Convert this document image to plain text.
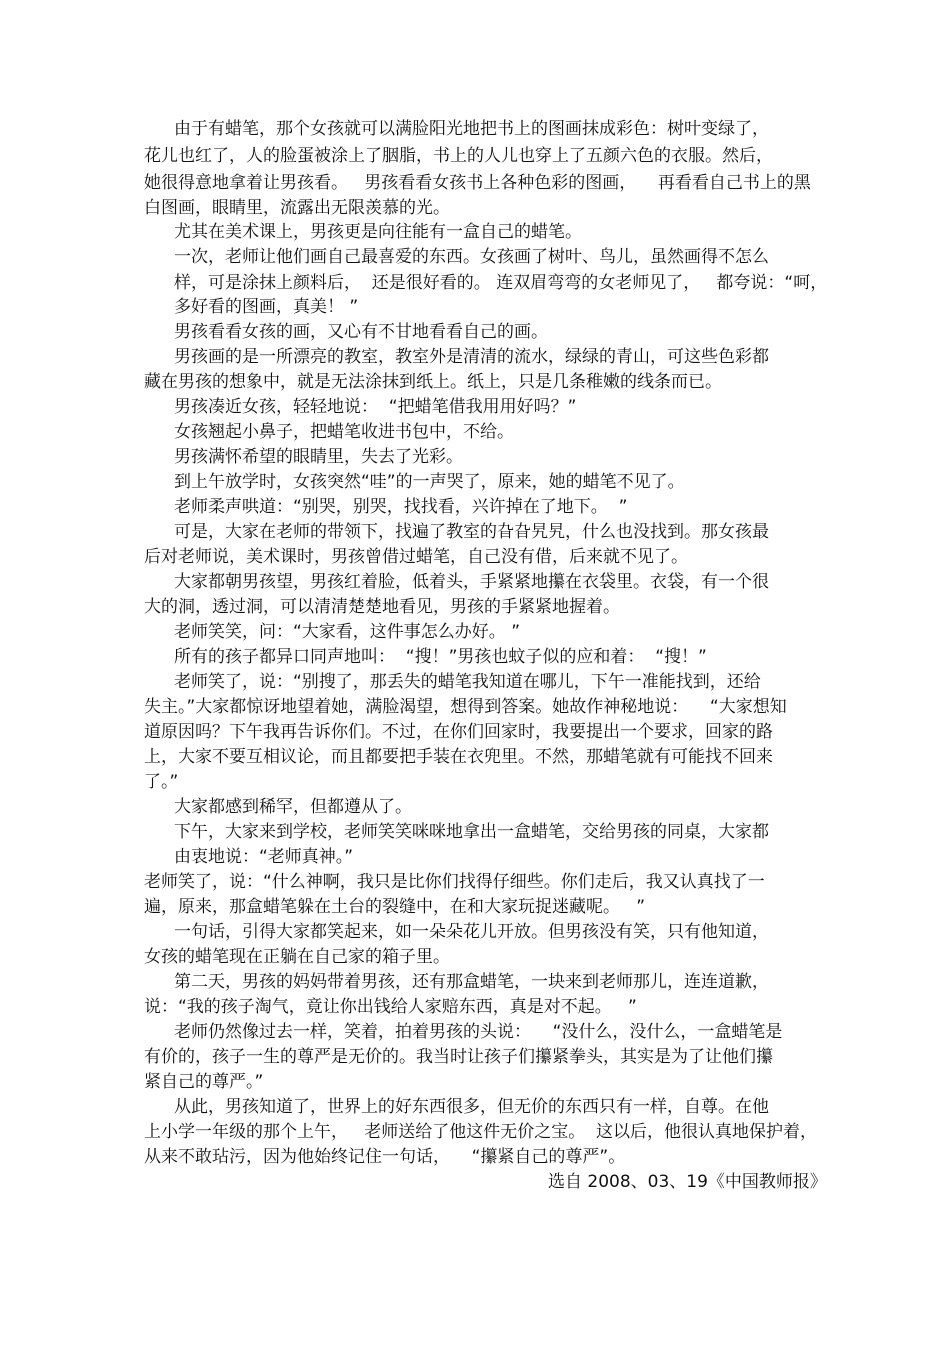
由于有蜡笔，那个女孩就可以满脸阳光地把书上的图画抹成彩色：树叶变绿了，
花儿也红了，人的脸蛋被涂上了胭脂，书上的人儿也穿上了五颜六色的衣服。然后，
她很得意地拿着让男孩看。   男孩看看女孩书上各种色彩的图画，    再看看自己书上的黑
白图画，眼睛里，流露出无限羡慕的光。
尤其在美术课上，男孩更是向往能有一盒自己的蜡笔。
一次，老师让他们画自己最喜爱的东西。女孩画了树叶、鸟儿，虽然画得不怎么
样，可是涂抹上颜料后，  还是很好看的。 连双眉弯弯的女老师见了，   都夸说：“呵，
多好看的图画，真美！ ”
男孩看看女孩的画，又心有不甘地看看自己的画。
男孩画的是一所漂亮的教室，教室外是清清的流水，绿绿的青山，可这些色彩都
藏在男孩的想象中，就是无法涂抹到纸上。纸上，只是几条稚嫩的线条而已。
男孩凑近女孩，轻轻地说：  “把蜡笔借我用用好吗？”
女孩翘起小鼻子，把蜡笔收进书包中，不给。
男孩满怀希望的眼睛里，失去了光彩。
到上午放学时，女孩突然“哇”的一声哭了，原来，她的蜡笔不见了。
老师柔声哄道：“别哭，别哭，找找看，兴许掉在了地下。  ”
可是，大家在老师的带领下，找遍了教室的旮旮旯旯，什么也没找到。那女孩最
后对老师说，美术课时，男孩曾借过蜡笔，自己没有借，后来就不见了。
大家都朝男孩望，男孩红着脸，低着头，手紧紧地攥在衣袋里。衣袋，有一个很
大的洞，透过洞，可以清清楚楚地看见，男孩的手紧紧地握着。
老师笑笑，问：“大家看，这件事怎么办好。 ”
所有的孩子都异口同声地叫：  “搜！”男孩也蚊子似的应和着：  “搜！”
老师笑了，说：“别搜了，那丢失的蜡笔我知道在哪儿，下午一准能找到，还给
失主。”大家都惊讶地望着她，满脸渴望，想得到答案。她故作神秘地说：    “大家想知
道原因吗？下午我再告诉你们。不过，在你们回家时，我要提出一个要求，回家的路
上，大家不要互相议论，而且都要把手装在衣兜里。不然，那蜡笔就有可能找不回来
了。”
大家都感到稀罕，但都遵从了。
下午，大家来到学校，老师笑笑咪咪地拿出一盒蜡笔，交给男孩的同桌，大家都
由衷地说：“老师真神。”
老师笑了，说：“什么神啊，我只是比你们找得仔细些。你们走后，我又认真找了一
遍，原来，那盒蜡笔躲在土台的裂缝中，在和大家玩捉迷藏呢。   ”
一句话，引得大家都笑起来，如一朵朵花儿开放。但男孩没有笑，只有他知道，
女孩的蜡笔现在正躺在自己家的箱子里。
第二天，男孩的妈妈带着男孩，还有那盒蜡笔，一块来到老师那儿，连连道歉，
说：“我的孩子淘气，竟让你出钱给人家赔东西，真是对不起。   ”
老师仍然像过去一样，笑着，拍着男孩的头说：    “没什么，没什么，一盒蜡笔是
有价的，孩子一生的尊严是无价的。我当时让孩子们攥紧拳头，其实是为了让他们攥
紧自己的尊严。”
从此，男孩知道了，世界上的好东西很多，但无价的东西只有一样，自尊。在他
上小学一年级的那个上午，   老师送给了他这件无价之宝。  这以后，他很认真地保护着，
从来不敢玷污，因为他始终记住一句话，    “攥紧自己的尊严”。
选自 2008、03、19《中国教师报》
